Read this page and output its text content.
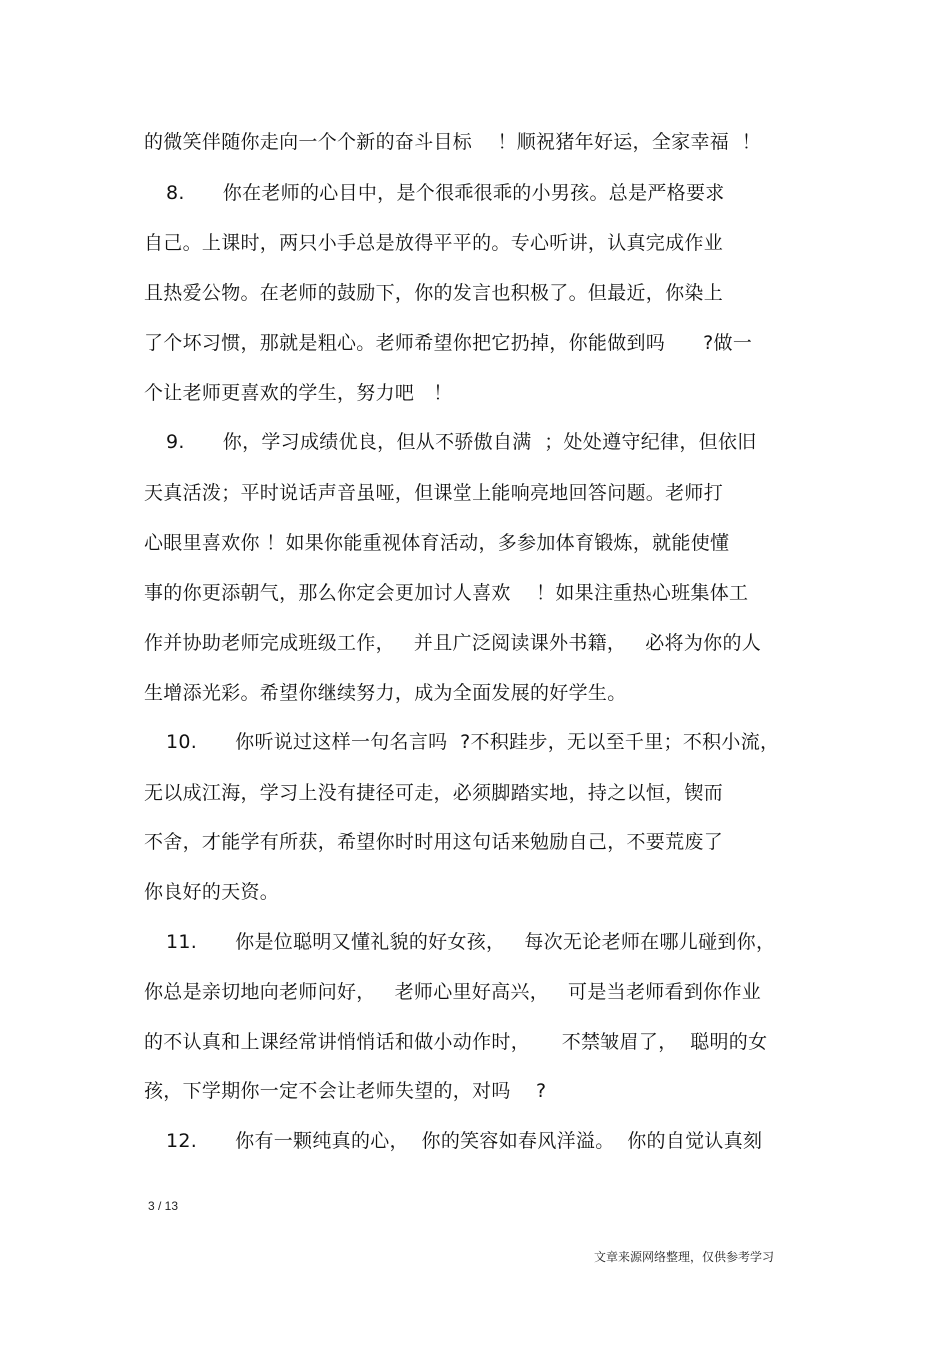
的微笑伴随你走向一个个新的奋斗目标    ！顺祝猪年好运，全家幸福  ！
8.      你在老师的心目中，是个很乖很乖的小男孩。总是严格要求
自己。上课时，两只小手总是放得平平的。专心听讲，认真完成作业
且热爱公物。在老师的鼓励下，你的发言也积极了。但最近，你染上
了个坏习惯，那就是粗心。老师希望你把它扔掉，你能做到吗      ?做一
个让老师更喜欢的学生，努力吧   ！
9.      你，学习成绩优良，但从不骄傲自满  ；处处遵守纪律，但依旧
天真活泼；平时说话声音虽哑，但课堂上能响亮地回答问题。老师打
心眼里喜欢你 ！如果你能重视体育活动，多参加体育锻炼，就能使懂
事的你更添朝气，那么你定会更加讨人喜欢    ！如果注重热心班集体工
作并协助老师完成班级工作，   并且广泛阅读课外书籍，   必将为你的人
生增添光彩。希望你继续努力，成为全面发展的好学生。
10.      你听说过这样一句名言吗  ?不积跬步，无以至千里；不积小流，
无以成江海，学习上没有捷径可走，必须脚踏实地，持之以恒，锲而
不舍，才能学有所获，希望你时时用这句话来勉励自己，不要荒废了
你良好的天资。
11.      你是位聪明又懂礼貌的好女孩，   每次无论老师在哪儿碰到你，
你总是亲切地向老师问好，   老师心里好高兴，   可是当老师看到你作业
的不认真和上课经常讲悄悄话和做小动作时，     不禁皱眉了，  聪明的女
孩，下学期你一定不会让老师失望的，对吗    ?
12.      你有一颗纯真的心，  你的笑容如春风洋溢。  你的自觉认真刻
3 / 13
文章来源网络整理，仅供参考学习
